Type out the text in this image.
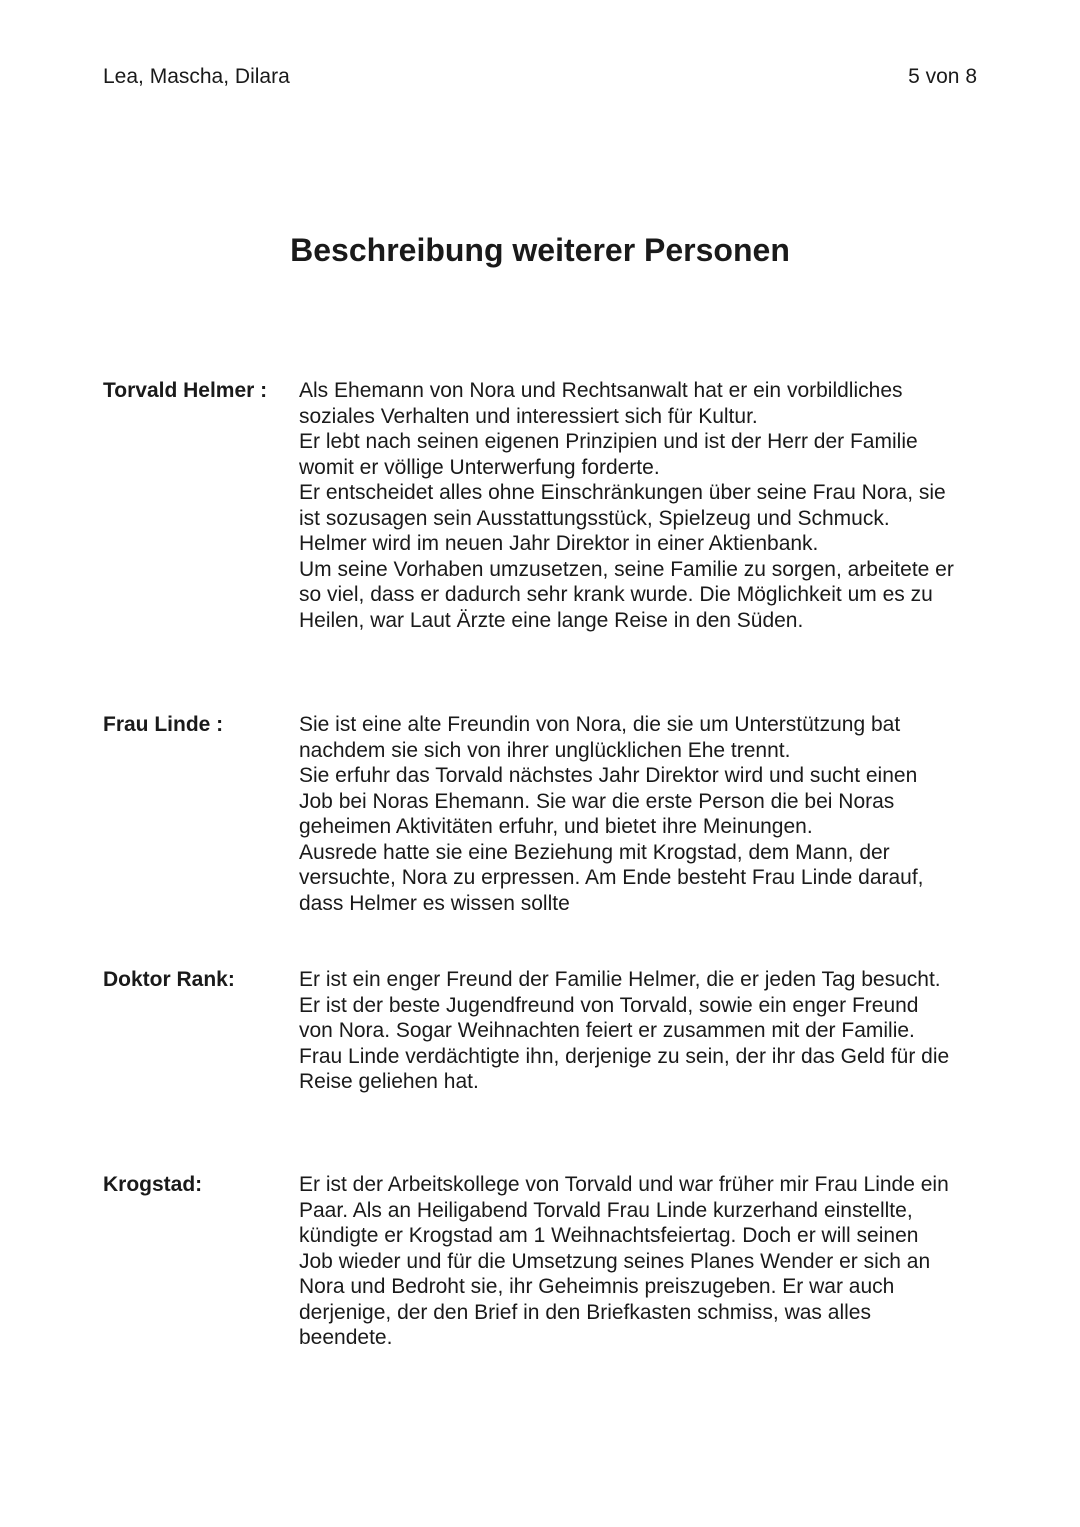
Lea, Mascha, Dilara	5 von 8
Beschreibung weiterer Personen
Torvald Helmer :	Als Ehemann von Nora und Rechtsanwalt hat er ein vorbildliches
soziales Verhalten und interessiert sich für Kultur.
Er lebt nach seinen eigenen Prinzipien und ist der Herr der Familie
womit er völlige Unterwerfung forderte.
Er entscheidet alles ohne Einschränkungen über seine Frau Nora, sie
ist sozusagen sein Ausstattungsstück, Spielzeug und Schmuck.
Helmer wird im neuen Jahr Direktor in einer Aktienbank.
Um seine Vorhaben umzusetzen, seine Familie zu sorgen, arbeitete er
so viel, dass er dadurch sehr krank wurde. Die Möglichkeit um es zu
Heilen, war Laut Ärzte eine lange Reise in den Süden.

Frau Linde :	Sie ist eine alte Freundin von Nora, die sie um Unterstützung bat
nachdem sie sich von ihrer unglücklichen Ehe trennt.
Sie erfuhr das Torvald nächstes Jahr Direktor wird und sucht einen
Job bei Noras Ehemann. Sie war die erste Person die bei Noras
geheimen Aktivitäten erfuhr, und bietet ihre Meinungen.
Ausrede hatte sie eine Beziehung mit Krogstad, dem Mann, der
versuchte, Nora zu erpressen. Am Ende besteht Frau Linde darauf,
dass Helmer es wissen sollte

Doktor Rank:	Er ist ein enger Freund der Familie Helmer, die er jeden Tag besucht.
Er ist der beste Jugendfreund von Torvald, sowie ein enger Freund
von Nora. Sogar Weihnachten feiert er zusammen mit der Familie.
Frau Linde verdächtigte ihn, derjenige zu sein, der ihr das Geld für die
Reise geliehen hat.

Krogstad:	Er ist der Arbeitskollege von Torvald und war früher mir Frau Linde ein
Paar. Als an Heiligabend Torvald Frau Linde kurzerhand einstellte,
kündigte er Krogstad am 1 Weihnachtsfeiertag. Doch er will seinen
Job wieder und für die Umsetzung seines Planes Wender er sich an
Nora und Bedroht sie, ihr Geheimnis preiszugeben. Er war auch
derjenige, der den Brief in den Briefkasten schmiss, was alles
beendete.
